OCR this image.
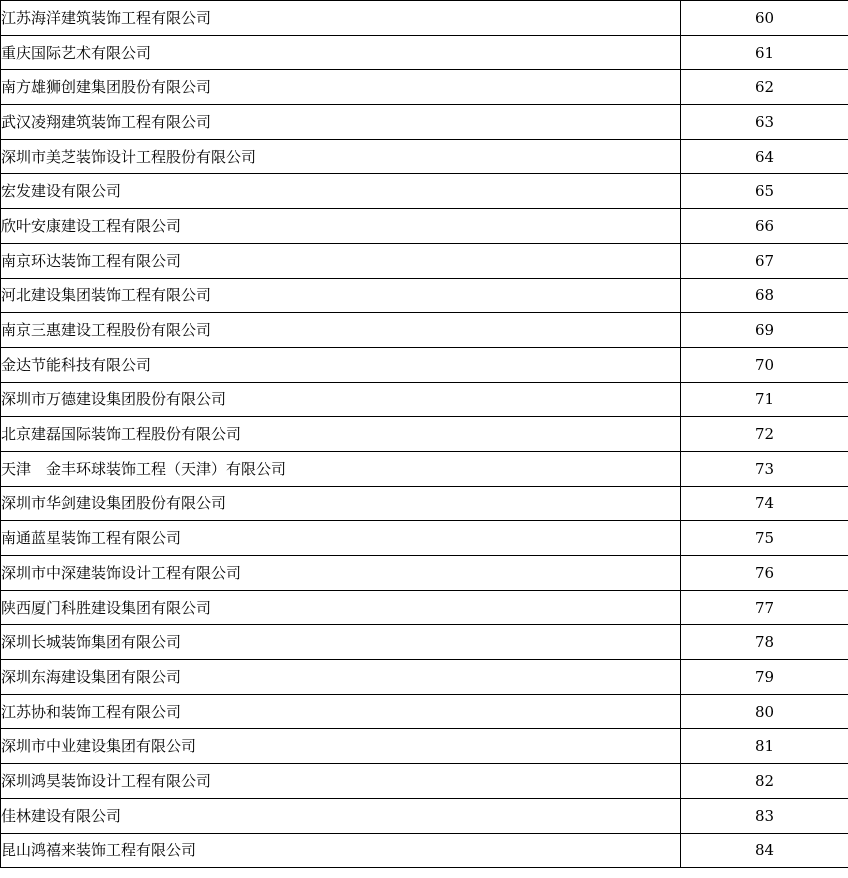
江苏海洋建筑装饰工程有限公司	60
重庆国际艺术有限公司	61
南方雄狮创建集团股份有限公司	62
武汉凌翔建筑装饰工程有限公司	63
深圳市美芝装饰设计工程股份有限公司	64
宏发建设有限公司	65
欣叶安康建设工程有限公司	66
南京环达装饰工程有限公司	67
河北建设集团装饰工程有限公司	68
南京三惠建设工程股份有限公司	69
金达节能科技有限公司	70
深圳市万德建设集团股份有限公司	71
北京建磊国际装饰工程股份有限公司	72
天津　金丰环球装饰工程（天津）有限公司	73
深圳市华剑建设集团股份有限公司	74
南通蓝星装饰工程有限公司	75
深圳市中深建装饰设计工程有限公司	76
陕西厦门科胜建设集团有限公司	77
深圳长城装饰集团有限公司	78
深圳东海建设集团有限公司	79
江苏协和装饰工程有限公司	80
深圳市中业建设集团有限公司	81
深圳鸿昊装饰设计工程有限公司	82
佳林建设有限公司	83
昆山鸿禧来装饰工程有限公司	84
